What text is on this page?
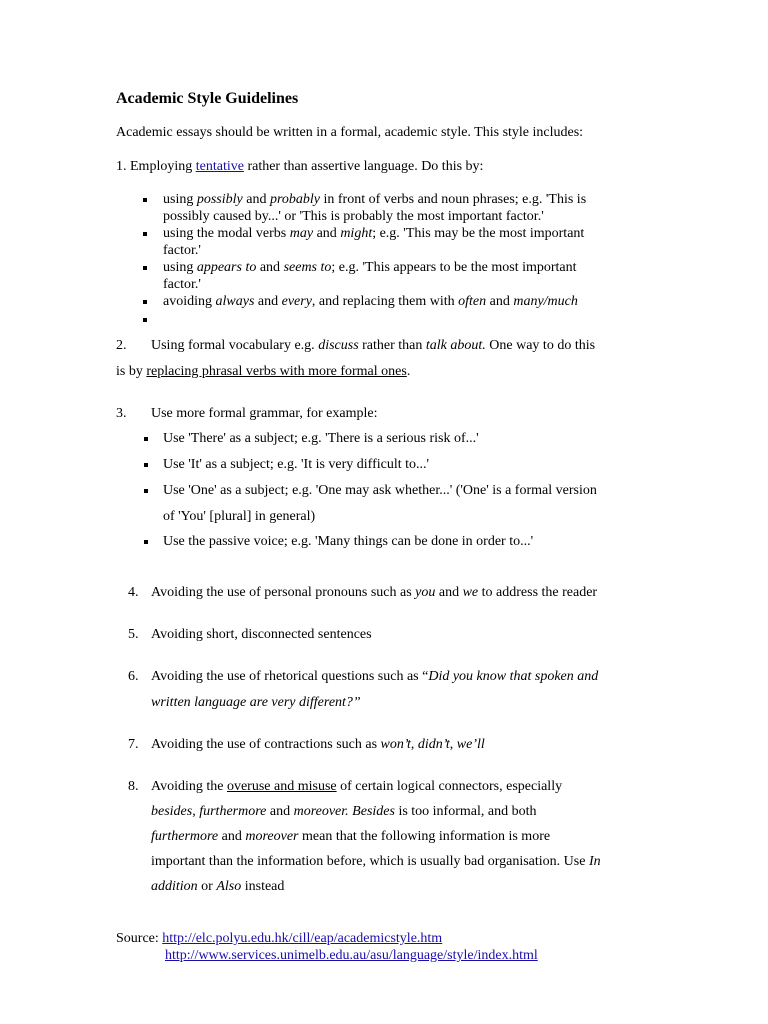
Academic Style Guidelines
Academic essays should be written in a formal, academic style. This style includes:
1. Employing tentative rather than assertive language. Do this by:
using possibly and probably in front of verbs and noun phrases; e.g. 'This is
possibly caused by...' or 'This is probably the most important factor.'
using the modal verbs may and might; e.g. 'This may be the most important
factor.'
using appears to and seems to; e.g. 'This appears to be the most important
factor.'
avoiding always and every, and replacing them with often and many/much
2. Using formal vocabulary e.g. discuss rather than talk about. One way to do this
is by replacing phrasal verbs with more formal ones.
3. Use more formal grammar, for example:
Use 'There' as a subject; e.g. 'There is a serious risk of...'
Use 'It' as a subject; e.g. 'It is very difficult to...'
Use 'One' as a subject; e.g. 'One may ask whether...' ('One' is a formal version
of 'You' [plural] in general)
Use the passive voice; e.g. 'Many things can be done in order to...'
4. Avoiding the use of personal pronouns such as you and we to address the reader
5. Avoiding short, disconnected sentences
6. Avoiding the use of rhetorical questions such as “Did you know that spoken and
written language are very different?”
7. Avoiding the use of contractions such as won’t, didn’t, we’ll
8. Avoiding the overuse and misuse of certain logical connectors, especially
besides, furthermore and moreover. Besides is too informal, and both
furthermore and moreover mean that the following information is more
important than the information before, which is usually bad organisation. Use In
addition or Also instead
Source: http://elc.polyu.edu.hk/cill/eap/academicstyle.htm
http://www.services.unimelb.edu.au/asu/language/style/index.html
